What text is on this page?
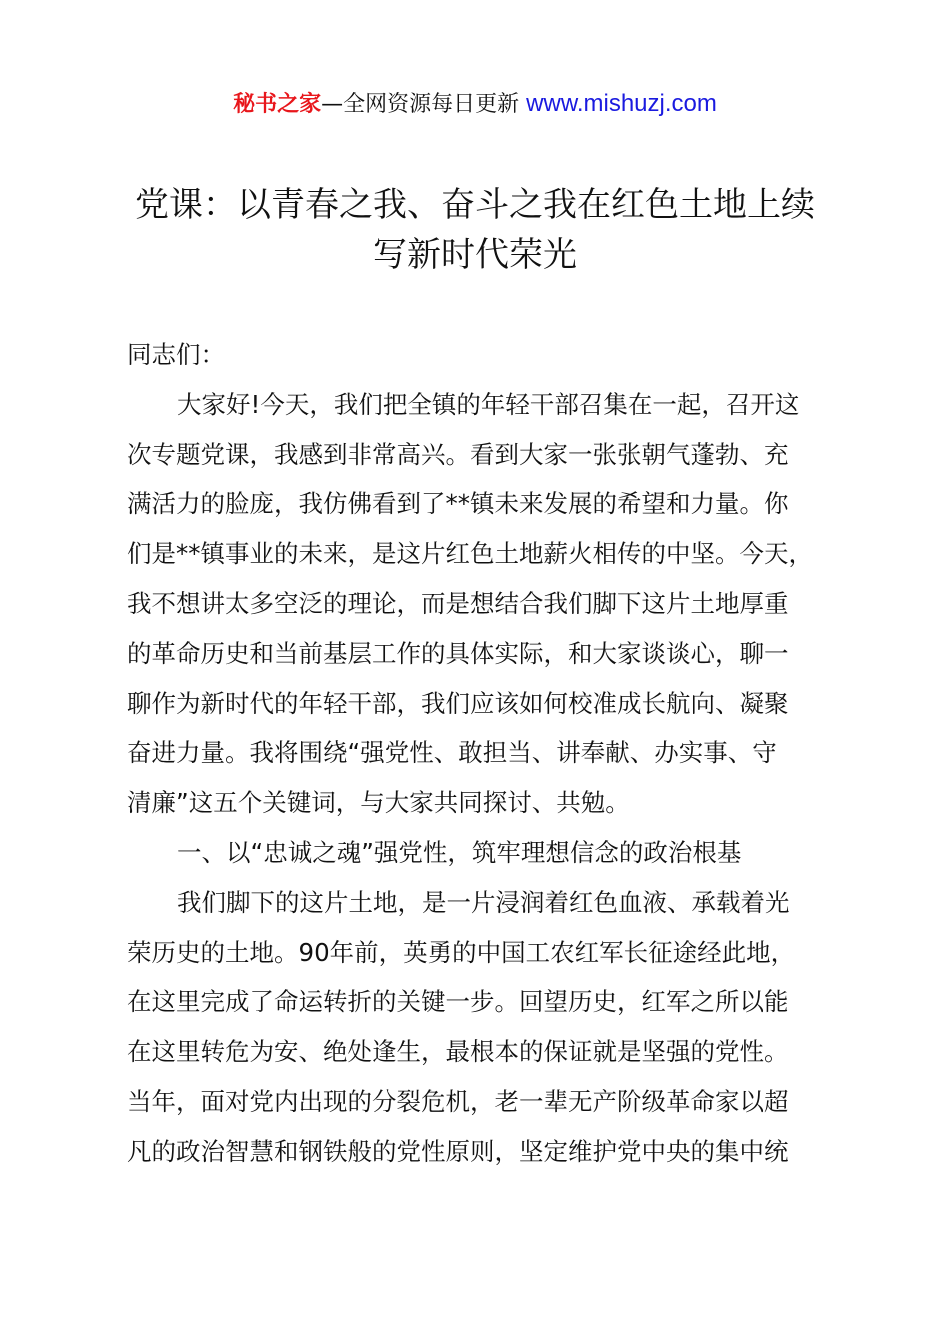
秘书之家—全网资源每日更新 www.mishuzj.com
党课：以青春之我、奋斗之我在红色土地上续
写新时代荣光
同志们：
大家好!今天，我们把全镇的年轻干部召集在一起，召开这
次专题党课，我感到非常高兴。看到大家一张张朝气蓬勃、充
满活力的脸庞，我仿佛看到了**镇未来发展的希望和力量。你
们是**镇事业的未来，是这片红色土地薪火相传的中坚。今天，
我不想讲太多空泛的理论，而是想结合我们脚下这片土地厚重
的革命历史和当前基层工作的具体实际，和大家谈谈心，聊一
聊作为新时代的年轻干部，我们应该如何校准成长航向、凝聚
奋进力量。我将围绕“强党性、敢担当、讲奉献、办实事、守
清廉”这五个关键词，与大家共同探讨、共勉。
一、以“忠诚之魂”强党性，筑牢理想信念的政治根基
我们脚下的这片土地，是一片浸润着红色血液、承载着光
荣历史的土地。90年前，英勇的中国工农红军长征途经此地，
在这里完成了命运转折的关键一步。回望历史，红军之所以能
在这里转危为安、绝处逢生，最根本的保证就是坚强的党性。
当年，面对党内出现的分裂危机，老一辈无产阶级革命家以超
凡的政治智慧和钢铁般的党性原则，坚定维护党中央的集中统
